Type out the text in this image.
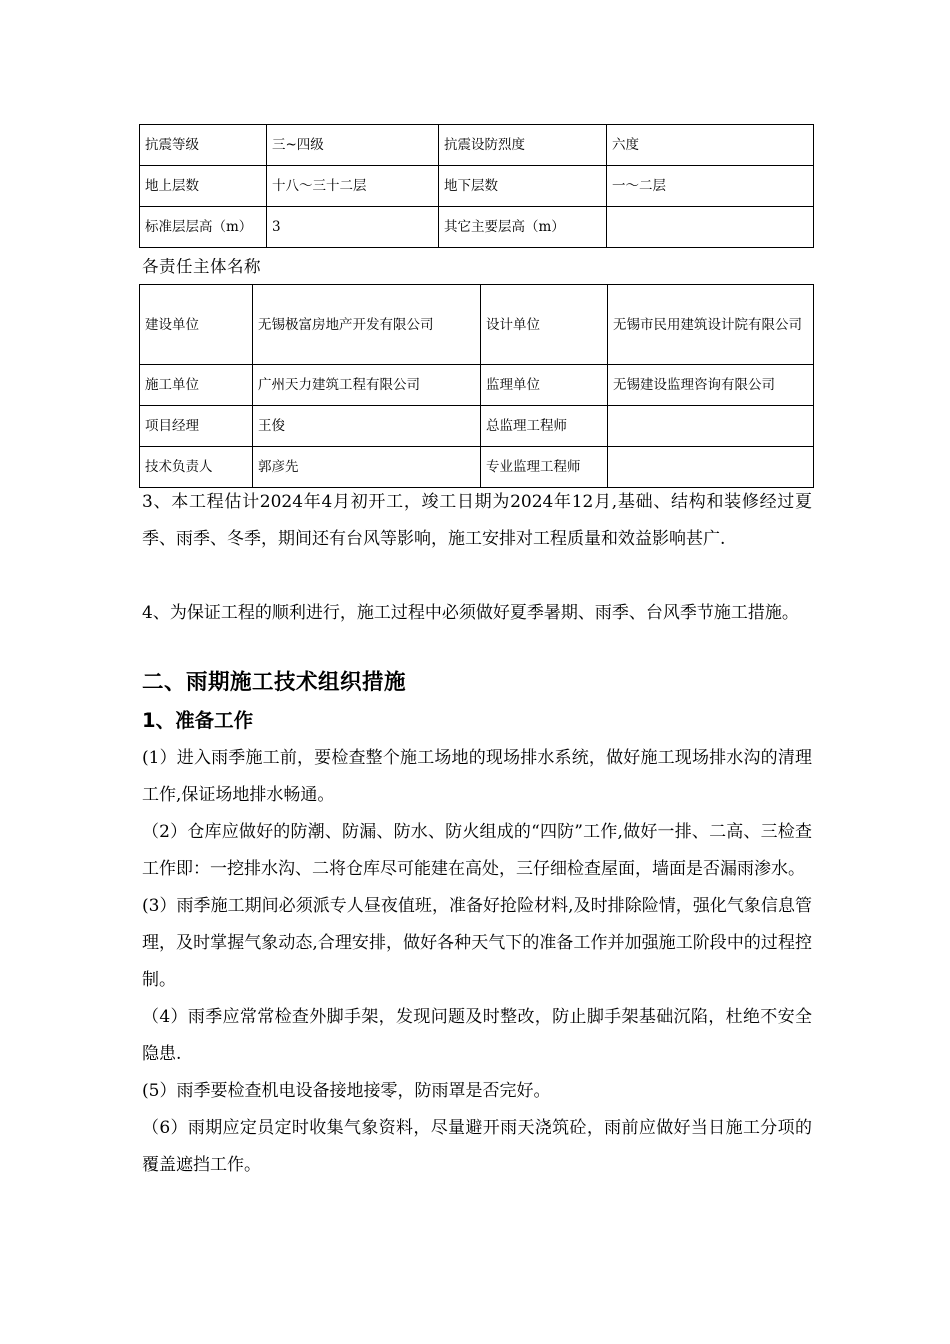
抗震等级	三~四级	抗震设防烈度	六度
地上层数	十八～三十二层	地下层数	一～二层
标准层层高（m）	3	其它主要层高（m）	
各责任主体名称
建设单位	无锡极富房地产开发有限公司	设计单位	无锡市民用建筑设计院有限公司
施工单位	广州天力建筑工程有限公司	监理单位	无锡建设监理咨询有限公司
项目经理	王俊	总监理工程师	
技术负责人	郭彦先	专业监理工程师	
3、本工程估计2024年4月初开工，竣工日期为2024年12月,基础、结构和装修经过夏季、雨季、冬季，期间还有台风等影响，施工安排对工程质量和效益影响甚广.
4、为保证工程的顺利进行，施工过程中必须做好夏季暑期、雨季、台风季节施工措施。
二、雨期施工技术组织措施
1、准备工作

(1）进入雨季施工前，要检查整个施工场地的现场排水系统，做好施工现场排水沟的清理工作,保证场地排水畅通。

（2）仓库应做好的防潮、防漏、防水、防火组成的“四防”工作,做好一排、二高、三检查工作即：一挖排水沟、二将仓库尽可能建在高处，三仔细检查屋面，墙面是否漏雨渗水。

(3）雨季施工期间必须派专人昼夜值班，准备好抢险材料,及时排除险情，强化气象信息管理，及时掌握气象动态,合理安排，做好各种天气下的准备工作并加强施工阶段中的过程控制。

（4）雨季应常常检查外脚手架，发现问题及时整改，防止脚手架基础沉陷，杜绝不安全隐患.

(5）雨季要检查机电设备接地接零，防雨罩是否完好。

（6）雨期应定员定时收集气象资料，尽量避开雨天浇筑砼，雨前应做好当日施工分项的覆盖遮挡工作。
